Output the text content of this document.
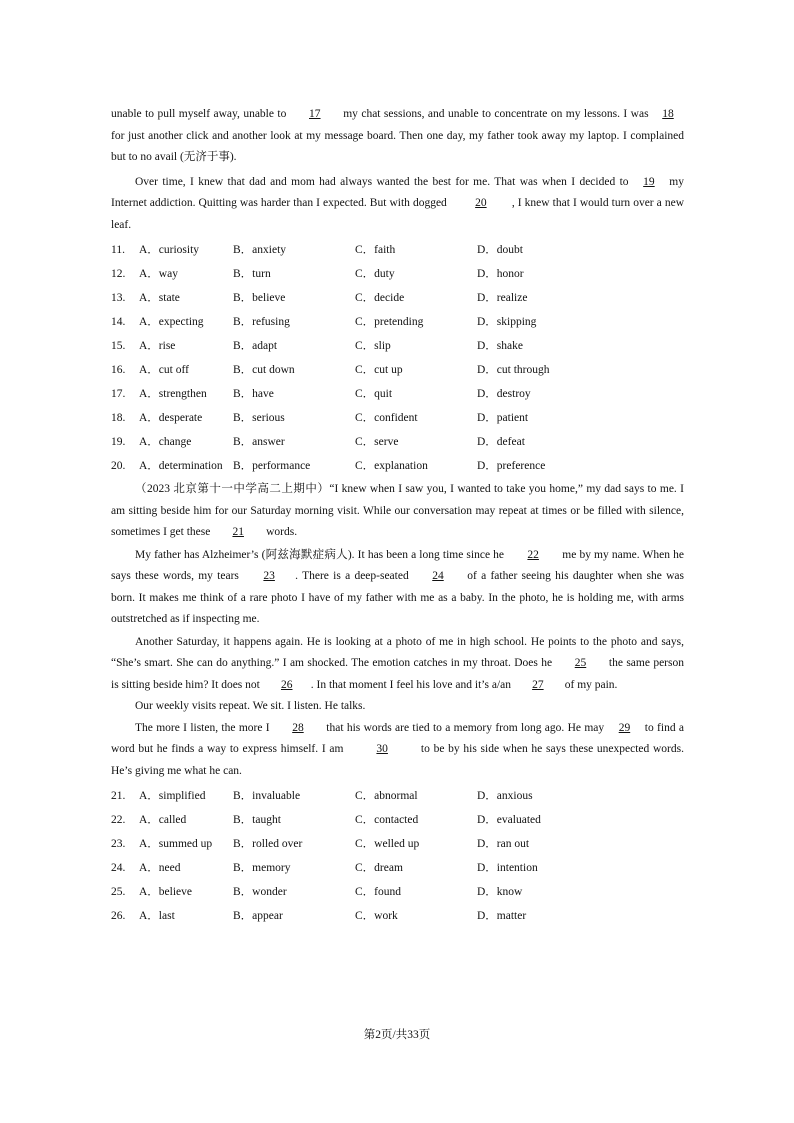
unable to pull myself away, unable to 17 my chat sessions, and unable to concentrate on my lessons. I was 18 for just another click and another look at my message board. Then one day, my father took away my laptop. I complained but to no avail (无济于事).

Over time, I knew that dad and mom had always wanted the best for me. That was when I decided to 19 my Internet addiction. Quitting was harder than I expected. But with dogged 20 , I knew that I would turn over a new leaf.

11.	A．curiosity	B．anxiety	C．faith	D．doubt
12.	A．way	B．turn	C．duty	D．honor
13.	A．state	B．believe	C．decide	D．realize
14.	A．expecting	B．refusing	C．pretending	D．skipping
15.	A．rise	B．adapt	C．slip	D．shake
16.	A．cut off	B．cut down	C．cut up	D．cut through
17.	A．strengthen	B．have	C．quit	D．destroy
18.	A．desperate	B．serious	C．confident	D．patient
19.	A．change	B．answer	C．serve	D．defeat
20.	A．determination B．performance	C．explanation	D．preference

（2023 北京第十一中学高二上期中）“I knew when I saw you, I wanted to take you home,” my dad says to me. I am sitting beside him for our Saturday morning visit. While our conversation may repeat at times or be filled with silence, sometimes I get these 21 words.

My father has Alzheimer’s (阿兹海默症病人). It has been a long time since he 22 me by my name. When he says these words, my tears 23 . There is a deep-seated 24 of a father seeing his daughter when she was born. It makes me think of a rare photo I have of my father with me as a baby. In the photo, he is holding me, with arms outstretched as if inspecting me.

Another Saturday, it happens again. He is looking at a photo of me in high school. He points to the photo and says, “She’s smart. She can do anything.” I am shocked. The emotion catches in my throat. Does he 25 the same person is sitting beside him? It does not 26 . In that moment I feel his love and it’s a/an 27 of my pain.

Our weekly visits repeat. We sit. I listen. He talks.

The more I listen, the more I 28 that his words are tied to a memory from long ago. He may 29 to find a word but he finds a way to express himself. I am	30	to be by his side when he says these unexpected words. He’s giving me what he can.

21.	A．simplified	B．invaluable	C．abnormal	D．anxious
22.	A．called	B．taught	C．contacted	D．evaluated
23.	A．summed up	B．rolled over	C．welled up	D．ran out
24.	A．need	B．memory	C．dream	D．intention
25.	A．believe	B．wonder	C．found	D．know
26.	A．last	B．appear	C．work	D．matter
第2页/共33页
